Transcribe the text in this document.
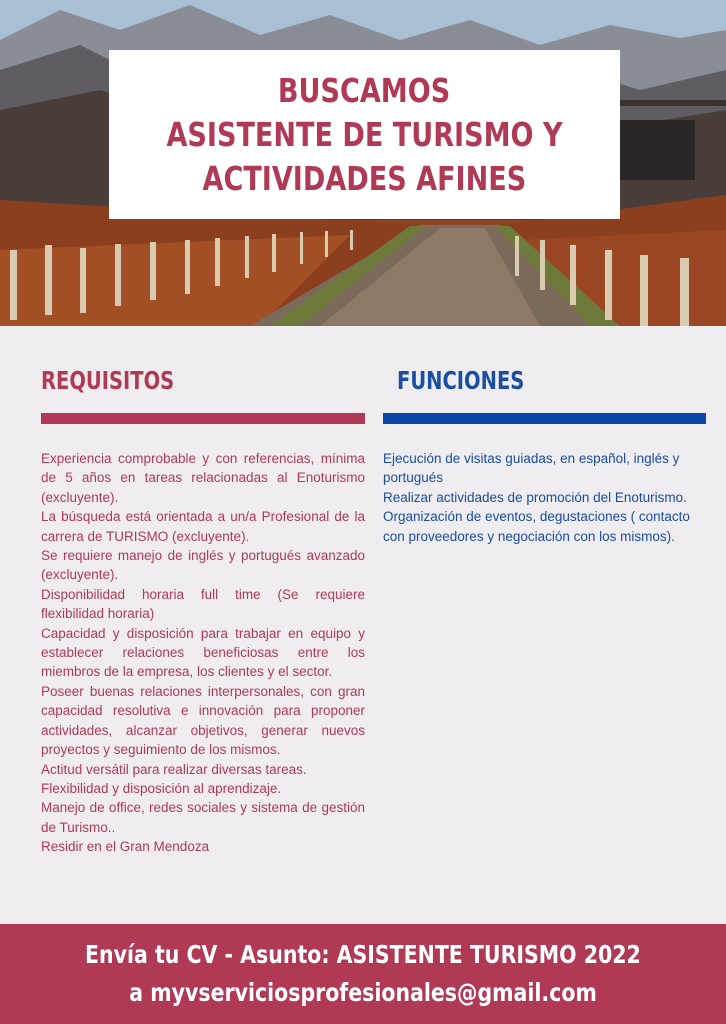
BUSCAMOS
ASISTENTE DE TURISMO Y
ACTIVIDADES AFINES
REQUISITOS	FUNCIONES

Experiencia comprobable y con referencias, mínima de 5 años en tareas relacionadas al Enoturismo (excluyente).

La búsqueda está orientada a un/a Profesional de la carrera de TURISMO (excluyente).

Se requiere manejo de inglés y portugués avanzado (excluyente).

Disponibilidad horaria full time (Se requiere flexibilidad horaria)

Capacidad y disposición para trabajar en equipo y establecer relaciones beneficiosas entre los miembros de la empresa, los clientes y el sector.

Poseer buenas relaciones interpersonales, con gran capacidad resolutiva e innovación para proponer actividades, alcanzar objetivos, generar nuevos proyectos y seguimiento de los mismos.

Actitud versátil para realizar diversas tareas.

Flexibilidad y disposición al aprendizaje.

Manejo de office, redes sociales y sistema de gestión de Turismo..

Residir en el Gran Mendoza

Ejecución de visitas guiadas, en español, inglés y portugués

Realizar actividades de promoción del Enoturismo.

Organización de eventos, degustaciones ( contacto con proveedores y negociación con los mismos).

Envía tu CV - Asunto: ASISTENTE TURISMO 2022
a myvserviciosprofesionales@gmail.com
